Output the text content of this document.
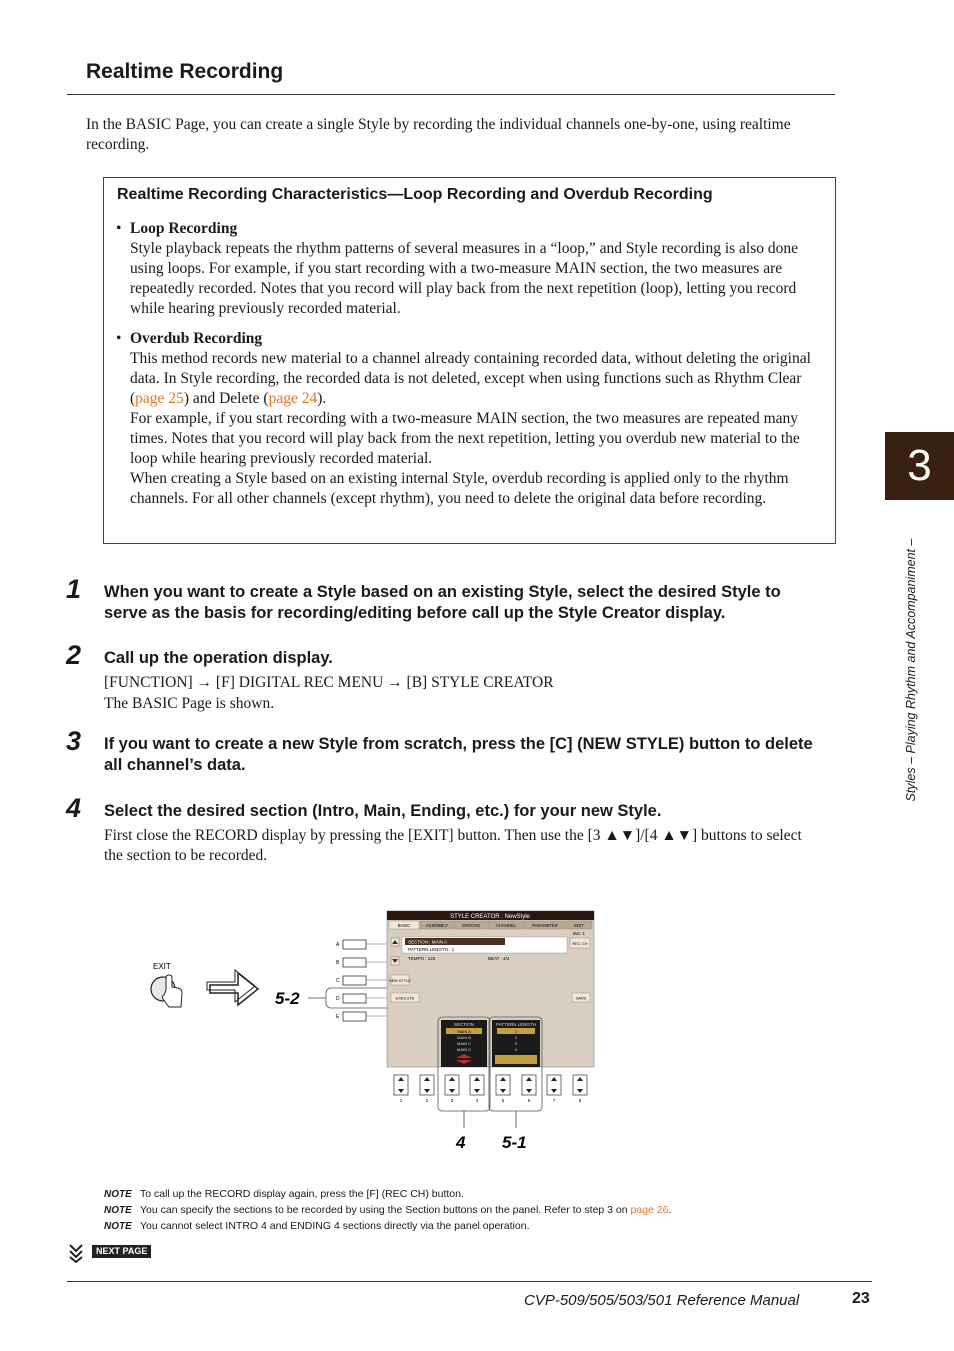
Realtime Recording
In the BASIC Page, you can create a single Style by recording the individual channels one-by-one, using realtime recording.
Realtime Recording Characteristics—Loop Recording and Overdub Recording
• Loop Recording
Style playback repeats the rhythm patterns of several measures in a “loop,” and Style recording is also done using loops. For example, if you start recording with a two-measure MAIN section, the two measures are repeatedly recorded. Notes that you record will play back from the next repetition (loop), letting you record while hearing previously recorded material.
• Overdub Recording
This method records new material to a channel already containing recorded data, without deleting the original data. In Style recording, the recorded data is not deleted, except when using functions such as Rhythm Clear (page 25) and Delete (page 24).
For example, if you start recording with a two-measure MAIN section, the two measures are repeated many times. Notes that you record will play back from the next repetition, letting you overdub new material to the loop while hearing previously recorded material.
When creating a Style based on an existing internal Style, overdub recording is applied only to the rhythm channels. For all other channels (except rhythm), you need to delete the original data before recording.
1 When you want to create a Style based on an existing Style, select the desired Style to serve as the basis for recording/editing before call up the Style Creator display.
2 Call up the operation display.
[FUNCTION] → [F] DIGITAL REC MENU → [B] STYLE CREATOR
The BASIC Page is shown.
3 If you want to create a new Style from scratch, press the [C] (NEW STYLE) button to delete all channel’s data.
4 Select the desired section (Intro, Main, Ending, etc.) for your new Style.
First close the RECORD display by pressing the [EXIT] button. Then use the [3 ▲▼]/[4 ▲▼] buttons to select the section to be recorded.
EXIT
5-2
A
B
C
D
E
STYLE CREATOR : NewStyle
BASIC	ASSEMBLY	GROOVE	CHANNEL	PARAMETER	EDIT
Bar: 1
SECTION : MAIN A
PATTERN LENGTH : 1
TEMPO : 120	BEAT : 4/4
REC CH
NEW STYLE
EXECUTE	SAVE
SECTION
MAIN A
MAIN B
MAIN C
MAIN D
PATTERN LENGTH
1
2
3
4
1	2	3	4	5	6	7	8
4 5-1
3
Styles – Playing Rhythm and Accompaniment –
NOTE To call up the RECORD display again, press the [F] (REC CH) button.
NOTE You can specify the sections to be recorded by using the Section buttons on the panel. Refer to step 3 on page 26.
NOTE You cannot select INTRO 4 and ENDING 4 sections directly via the panel operation.
NEXT PAGE
CVP-509/505/503/501 Reference Manual	23
